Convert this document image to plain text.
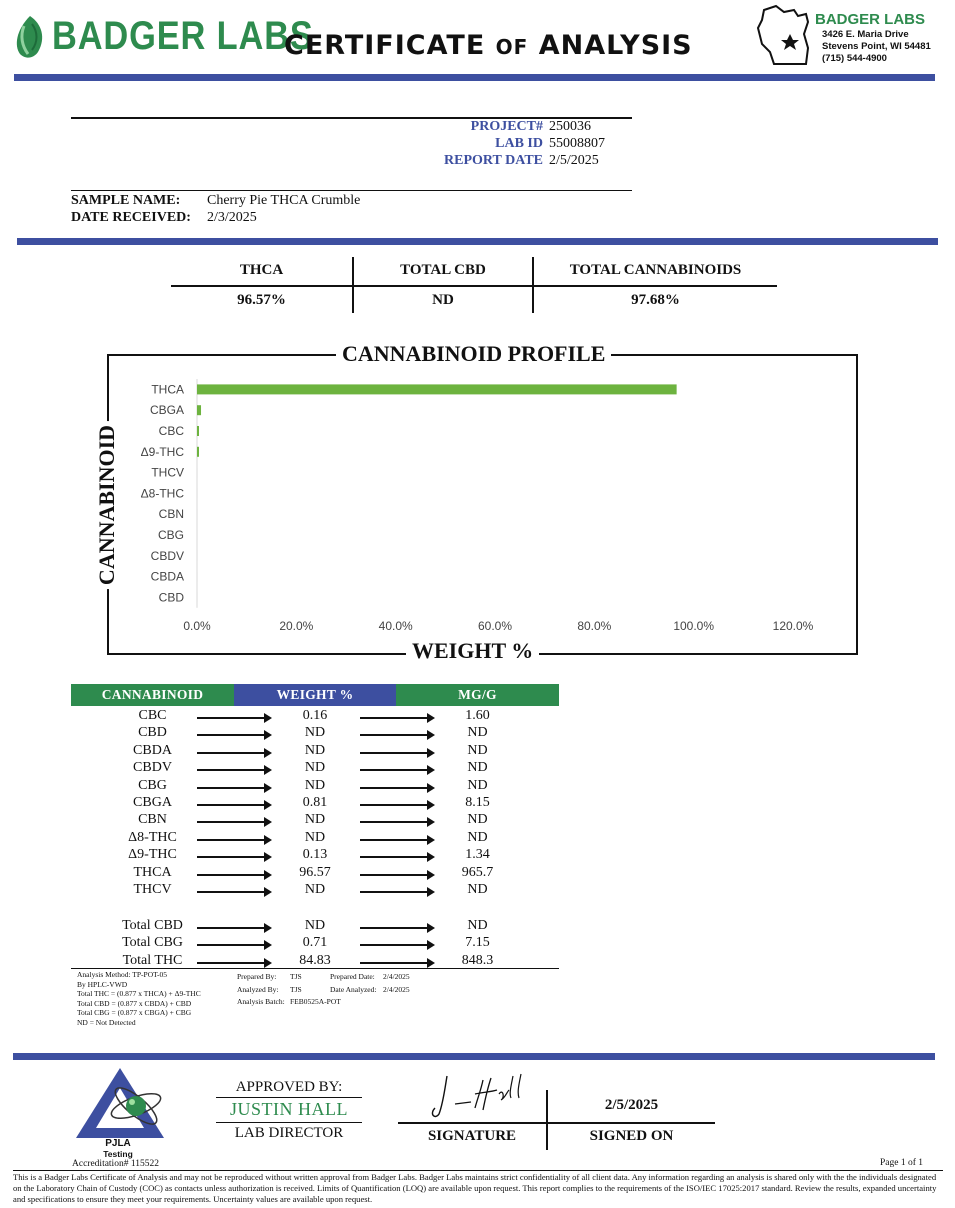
BADGER LABS
CERTIFICATE OF ANALYSIS
BADGER LABS
3426 E. Maria Drive
Stevens Point, WI 54481
(715) 544-4900
PROJECT# 250036
LAB ID 55008807
REPORT DATE 2/5/2025
SAMPLE NAME: Cherry Pie THCA Crumble
DATE RECEIVED: 2/3/2025
THCA	TOTAL CBD	TOTAL CANNABINOIDS
96.57%	ND	97.68%
THCA
CBGA
CBC
Δ9-THC
THCV
Δ8-THC
CBN
CBG
CBDV
CBDA
CBD
0.0%	20.0%	40.0%	60.0%	80.0%	100.0%	120.0%
CANNABINOID PROFILE
CANNABINOID
WEIGHT %
CANNABINOID	WEIGHT %	MG/G
CBC	0.16	1.60
CBD	ND	ND
CBDA	ND	ND
CBDV	ND	ND
CBG	ND	ND
CBGA	0.81	8.15
CBN	ND	ND
Δ8-THC	ND	ND
Δ9-THC	0.13	1.34
THCA	96.57	965.7
THCV	ND	ND
Total CBD	ND	ND
Total CBG	0.71	7.15
Total THC	84.83	848.3
Analysis Method: TP-POT-05
By HPLC-VWD
Total THC = (0.877 x THCA) + Δ9-THC
Total CBD = (0.877 x CBDA) + CBD
Total CBG = (0.877 x CBGA) + CBG
ND = Not Detected
Prepared By: TJS	Prepared Date: 2/4/2025
Analyzed By: TJS	Date Analyzed: 2/4/2025
Analysis Batch: FEB0525A-POT
PJLA
Testing
Accreditation# 115522
APPROVED BY:
JUSTIN HALL
LAB DIRECTOR	SIGNATURE
2/5/2025
SIGNED ON
Page 1 of 1
This is a Badger Labs Certificate of Analysis and may not be reproduced without written approval from Badger Labs. Badger Labs maintains strict confidentiality of all client data. Any information regarding an analysis is shared only with the the individuals designated on the Laboratory Chain of Custody (COC) as contacts unless authorization is received. Limits of Quantification (LOQ) are available upon request. This report complies to the requirements of the ISO/IEC 17025:2017 standard. Review the results, expanded uncertainty and specifications to ensure they meet your requirements. Uncertainty values are available upon request.
